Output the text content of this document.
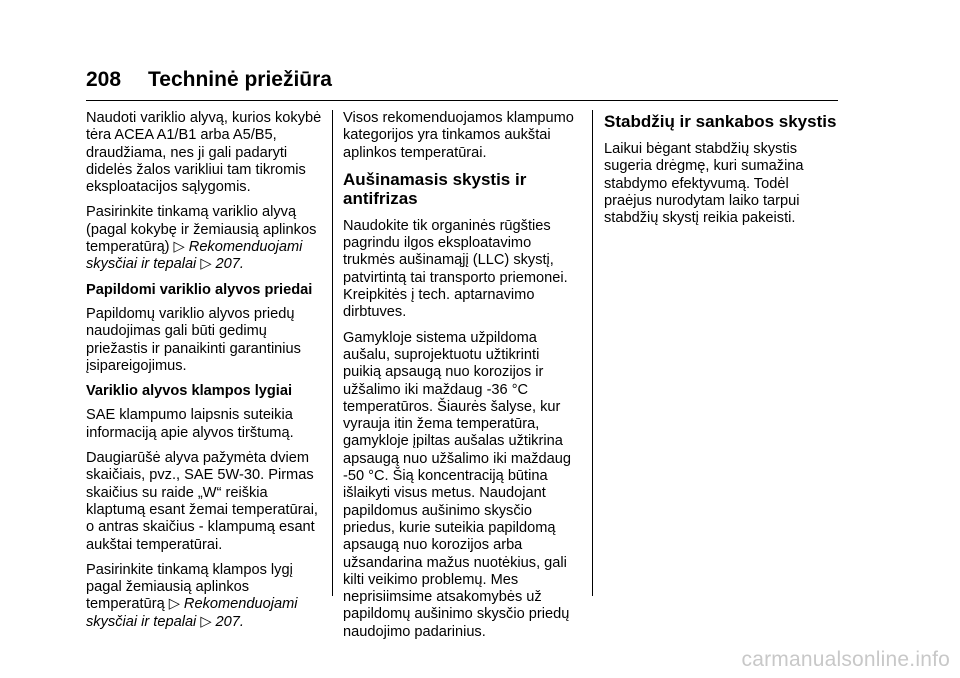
208 Techninė priežiūra

Naudoti variklio alyvą, kurios kokybė
tėra ACEA A1/B1 arba A5/B5,
draudžiama, nes ji gali padaryti
didelės žalos varikliui tam tikromis
eksploatacijos sąlygomis.

Pasirinkite tinkamą variklio alyvą
(pagal kokybę ir žemiausią aplinkos
temperatūrą) ▷ Rekomenduojami
skysčiai ir tepalai ▷ 207.

Papildomi variklio alyvos priedai

Papildomų variklio alyvos priedų
naudojimas gali būti gedimų
priežastis ir panaikinti garantinius
įsipareigojimus.

Variklio alyvos klampos lygiai

SAE klampumo laipsnis suteikia
informaciją apie alyvos tirštumą.

Daugiarūšė alyva pažymėta dviem
skaičiais, pvz., SAE 5W-30. Pirmas
skaičius su raide „W“ reiškia
klaptumą esant žemai temperatūrai,
o antras skaičius - klampumą esant
aukštai temperatūrai.

Pasirinkite tinkamą klampos lygį
pagal žemiausią aplinkos
temperatūrą ▷ Rekomenduojami
skysčiai ir tepalai ▷ 207.

Visos rekomenduojamos klampumo
kategorijos yra tinkamos aukštai
aplinkos temperatūrai.

Aušinamasis skystis ir
antifrizas

Naudokite tik organinės rūgšties
pagrindu ilgos eksploatavimo
trukmės aušinamąjį (LLC) skystį,
patvirtintą tai transporto priemonei.
Kreipkitės į tech. aptarnavimo
dirbtuves.

Gamykloje sistema užpildoma
aušalu, suprojektuotu užtikrinti
puikią apsaugą nuo korozijos ir
užšalimo iki maždaug -36 °C
temperatūros. Šiaurės šalyse, kur
vyrauja itin žema temperatūra,
gamykloje įpiltas aušalas užtikrina
apsaugą nuo užšalimo iki maždaug
-50 °C. Šią koncentraciją būtina
išlaikyti visus metus. Naudojant
papildomus aušinimo skysčio
priedus, kurie suteikia papildomą
apsaugą nuo korozijos arba
užsandarina mažus nuotėkius, gali
kilti veikimo problemų. Mes
neprisiimsime atsakomybės už
papildomų aušinimo skysčio priedų
naudojimo padarinius.

Stabdžių ir sankabos skystis

Laikui bėgant stabdžių skystis
sugeria drėgmę, kuri sumažina
stabdymo efektyvumą. Todėl
praėjus nurodytam laiko tarpui
stabdžių skystį reikia pakeisti.

carmanualsonline.info
